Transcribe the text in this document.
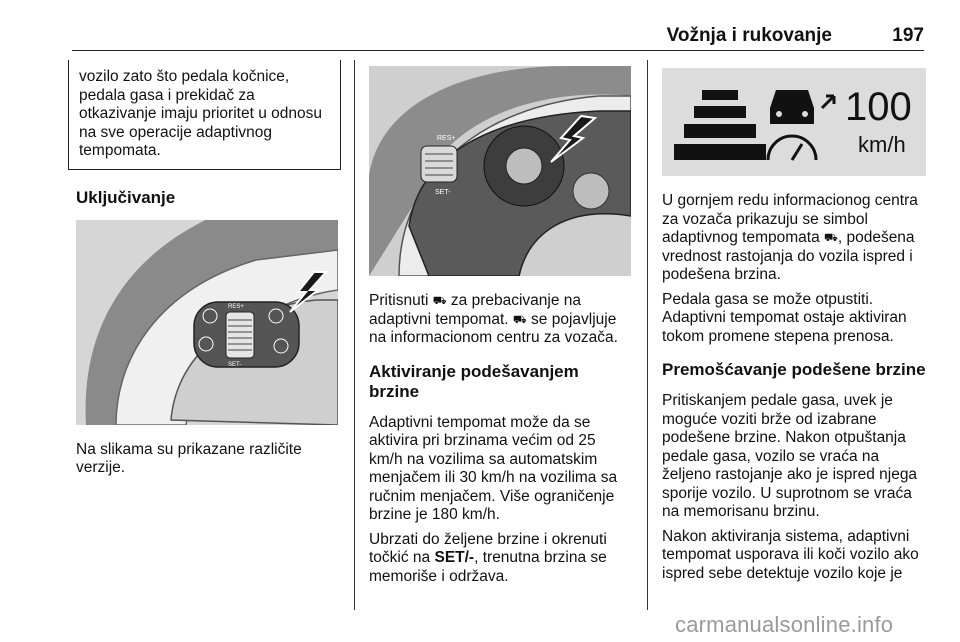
Vožnja i rukovanje	197

vozilo zato što pedala kočnice, pedala gasa i prekidač za otkazivanje imaju prioritet u odnosu na sve operacije adaptivnog tempomata.

Uključivanje
RES+
SET-

Na slikama su prikazane različite verzije.

RES+
SET-

Pritisnuti ⛟ za prebacivanje na adaptivni tempomat. ⛟ se pojavljuje na informacionom centru za vozača.

Aktiviranje podešavanjem brzine

Adaptivni tempomat može da se aktivira pri brzinama većim od 25 km/h na vozilima sa automatskim menjačem ili 30 km/h na vozilima sa ručnim menjačem. Više ograničenje brzine je 180 km/h.

Ubrzati do željene brzine i okrenuti točkić na SET/-, trenutna brzina se memoriše i održava.

100
km/h

U gornjem redu informacionog centra za vozača prikazuju se simbol adaptivnog tempomata ⛟, podešena vrednost rastojanja do vozila ispred i podešena brzina.

Pedala gasa se može otpustiti. Adaptivni tempomat ostaje aktiviran tokom promene stepena prenosa.

Premošćavanje podešene brzine

Pritiskanjem pedale gasa, uvek je moguće voziti brže od izabrane podešene brzine. Nakon otpuštanja pedale gasa, vozilo se vraća na željeno rastojanje ako je ispred njega sporije vozilo. U suprotnom se vraća na memorisanu brzinu.

Nakon aktiviranja sistema, adaptivni tempomat usporava ili koči vozilo ako ispred sebe detektuje vozilo koje je

carmanualsonline.info
